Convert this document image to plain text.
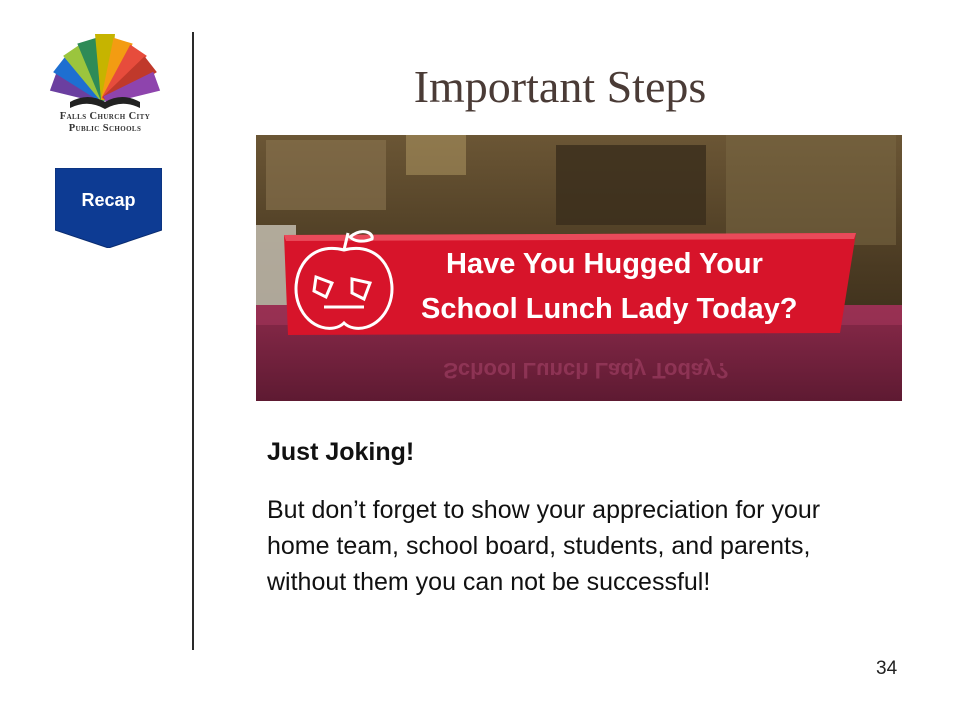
Falls Church City
Public Schools
Recap
Important Steps
School Lunch Lady Today?
Have You Hugged Your
School Lunch Lady Today?
Just Joking!
But don’t forget to show your appreciation for your home team, school board, students, and parents, without them you can not be successful!
34
